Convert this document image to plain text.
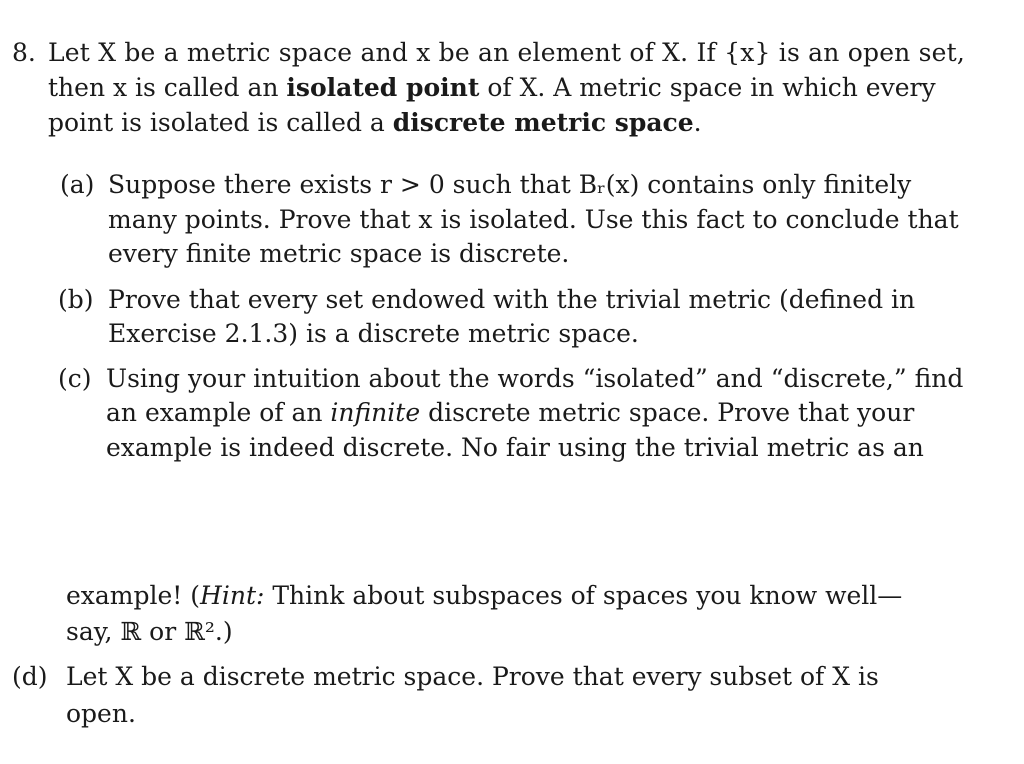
8. Let X be a metric space and x be an element of X. If {x} is an open set,
then x is called an isolated point of X. A metric space in which every
point is isolated is called a discrete metric space.
(a) Suppose there exists r > 0 such that Bᵣ(x) contains only finitely
many points. Prove that x is isolated. Use this fact to conclude that
every finite metric space is discrete.
(b) Prove that every set endowed with the trivial metric (defined in
Exercise 2.1.3) is a discrete metric space.
(c) Using your intuition about the words “isolated” and “discrete,” find
an example of an infinite discrete metric space. Prove that your
example is indeed discrete. No fair using the trivial metric as an
example! (Hint: Think about subspaces of spaces you know well—
say, ℝ or ℝ².)
(d) Let X be a discrete metric space. Prove that every subset of X is
open.
